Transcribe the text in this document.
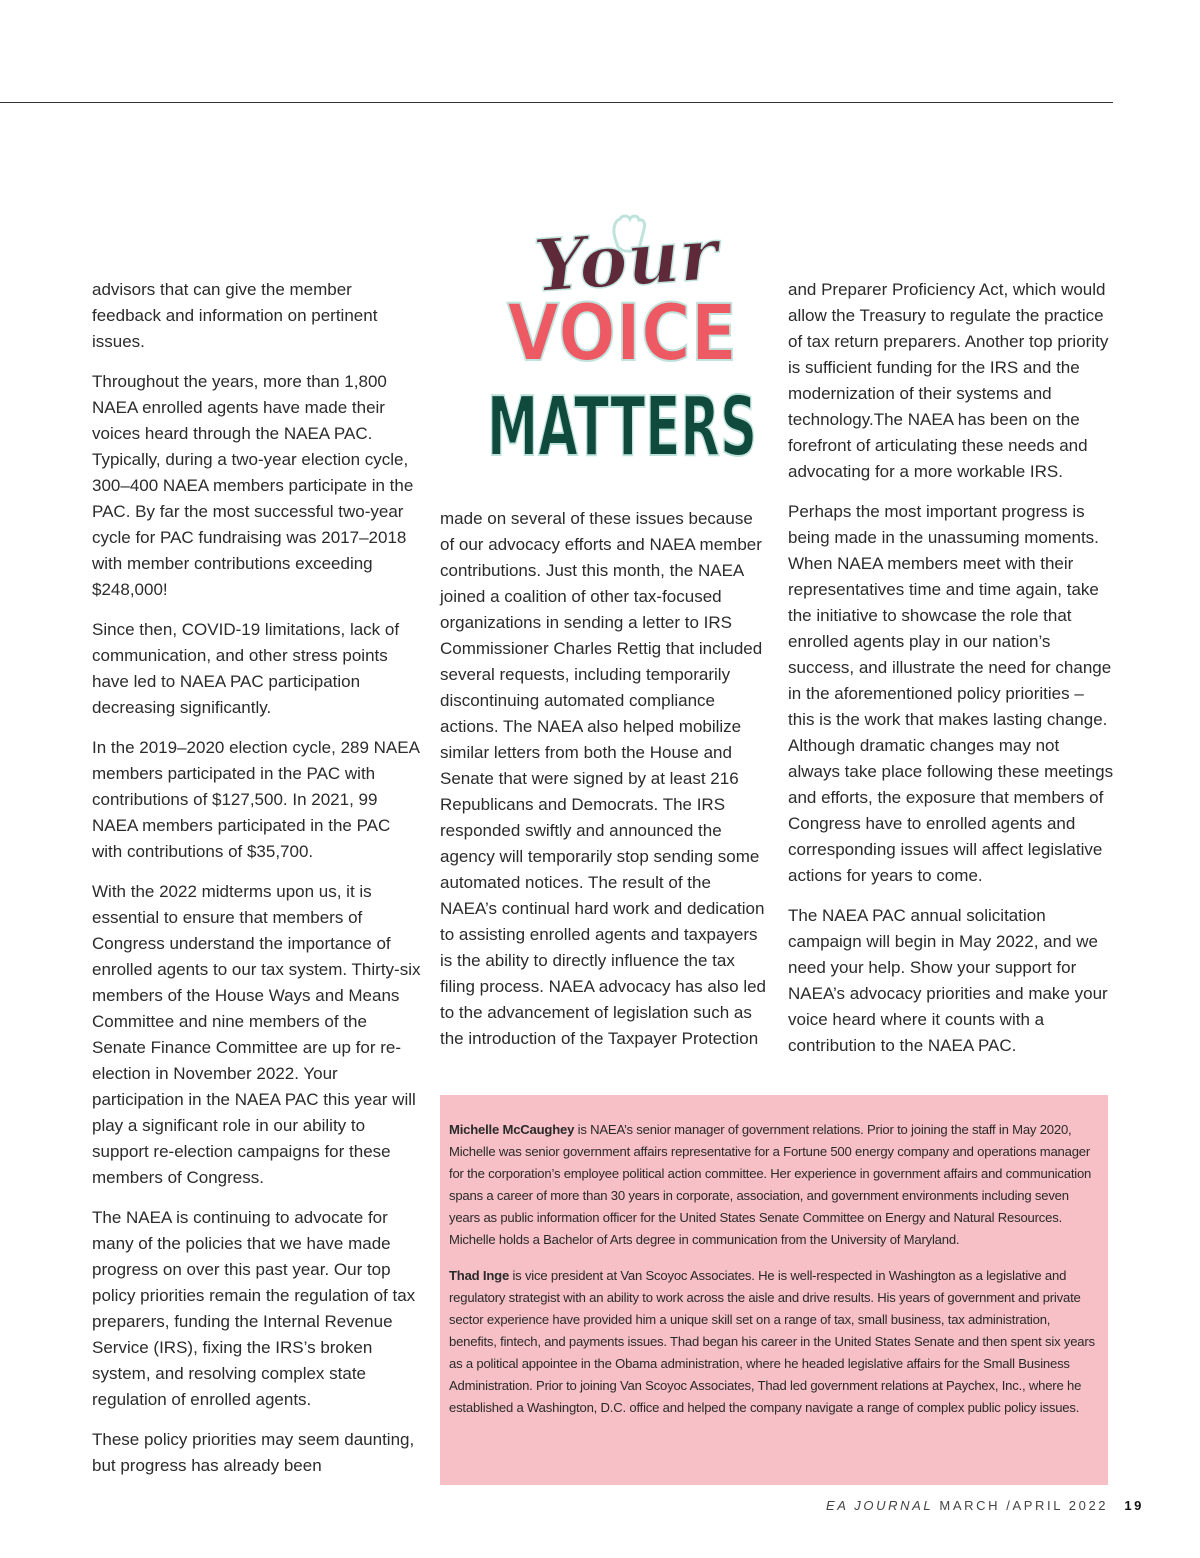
advisors that can give the member feedback and information on pertinent issues.

Throughout the years, more than 1,800 NAEA enrolled agents have made their voices heard through the NAEA PAC. Typically, during a two-year election cycle, 300–400 NAEA members participate in the PAC. By far the most successful two-year cycle for PAC fundraising was 2017–2018 with member contributions exceeding $248,000!

Since then, COVID-19 limitations, lack of communication, and other stress points have led to NAEA PAC participation decreasing significantly.

In the 2019–2020 election cycle, 289 NAEA members participated in the PAC with contributions of $127,500. In 2021, 99 NAEA members participated in the PAC with contributions of $35,700.

With the 2022 midterms upon us, it is essential to ensure that members of Congress understand the importance of enrolled agents to our tax system. Thirty-six members of the House Ways and Means Committee and nine members of the Senate Finance Committee are up for re-election in November 2022. Your participation in the NAEA PAC this year will play a significant role in our ability to support re-election campaigns for these members of Congress.

The NAEA is continuing to advocate for many of the policies that we have made progress on over this past year. Our top policy priorities remain the regulation of tax preparers, funding the Internal Revenue Service (IRS), fixing the IRS’s broken system, and resolving complex state regulation of enrolled agents.

These policy priorities may seem daunting, but progress has already been

Your
VOICE
MATTERS

made on several of these issues because of our advocacy efforts and NAEA member contributions. Just this month, the NAEA joined a coalition of other tax-focused organizations in sending a letter to IRS Commissioner Charles Rettig that included several requests, including temporarily discontinuing automated compliance actions. The NAEA also helped mobilize similar letters from both the House and Senate that were signed by at least 216 Republicans and Democrats. The IRS responded swiftly and announced the agency will temporarily stop sending some automated notices. The result of the NAEA’s continual hard work and dedication to assisting enrolled agents and taxpayers is the ability to directly influence the tax filing process. NAEA advocacy has also led to the advancement of legislation such as the introduction of the Taxpayer Protection

and Preparer Proficiency Act, which would allow the Treasury to regulate the practice of tax return preparers. Another top priority is sufficient funding for the IRS and the modernization of their systems and technology.The NAEA has been on the forefront of articulating these needs and advocating for a more workable IRS.

Perhaps the most important progress is being made in the unassuming moments. When NAEA members meet with their representatives time and time again, take the initiative to showcase the role that enrolled agents play in our nation’s success, and illustrate the need for change in the aforementioned policy priorities – this is the work that makes lasting change. Although dramatic changes may not always take place following these meetings and efforts, the exposure that members of Congress have to enrolled agents and corresponding issues will affect legislative actions for years to come.

The NAEA PAC annual solicitation campaign will begin in May 2022, and we need your help. Show your support for NAEA’s advocacy priorities and make your voice heard where it counts with a contribution to the NAEA PAC.

Michelle McCaughey is NAEA’s senior manager of government relations. Prior to joining the staff in May 2020, Michelle was senior government affairs representative for a Fortune 500 energy company and operations manager for the corporation’s employee political action committee. Her experience in government affairs and communication spans a career of more than 30 years in corporate, association, and government environments including seven years as public information officer for the United States Senate Committee on Energy and Natural Resources. Michelle holds a Bachelor of Arts degree in communication from the University of Maryland.

Thad Inge is vice president at Van Scoyoc Associates. He is well-respected in Washington as a legislative and regulatory strategist with an ability to work across the aisle and drive results. His years of government and private sector experience have provided him a unique skill set on a range of tax, small business, tax administration, benefits, fintech, and payments issues. Thad began his career in the United States Senate and then spent six years as a political appointee in the Obama administration, where he headed legislative affairs for the Small Business Administration. Prior to joining Van Scoyoc Associates, Thad led government relations at Paychex, Inc., where he established a Washington, D.C. office and helped the company navigate a range of complex public policy issues.

EA JOURNAL MARCH /APRIL 2022 19
